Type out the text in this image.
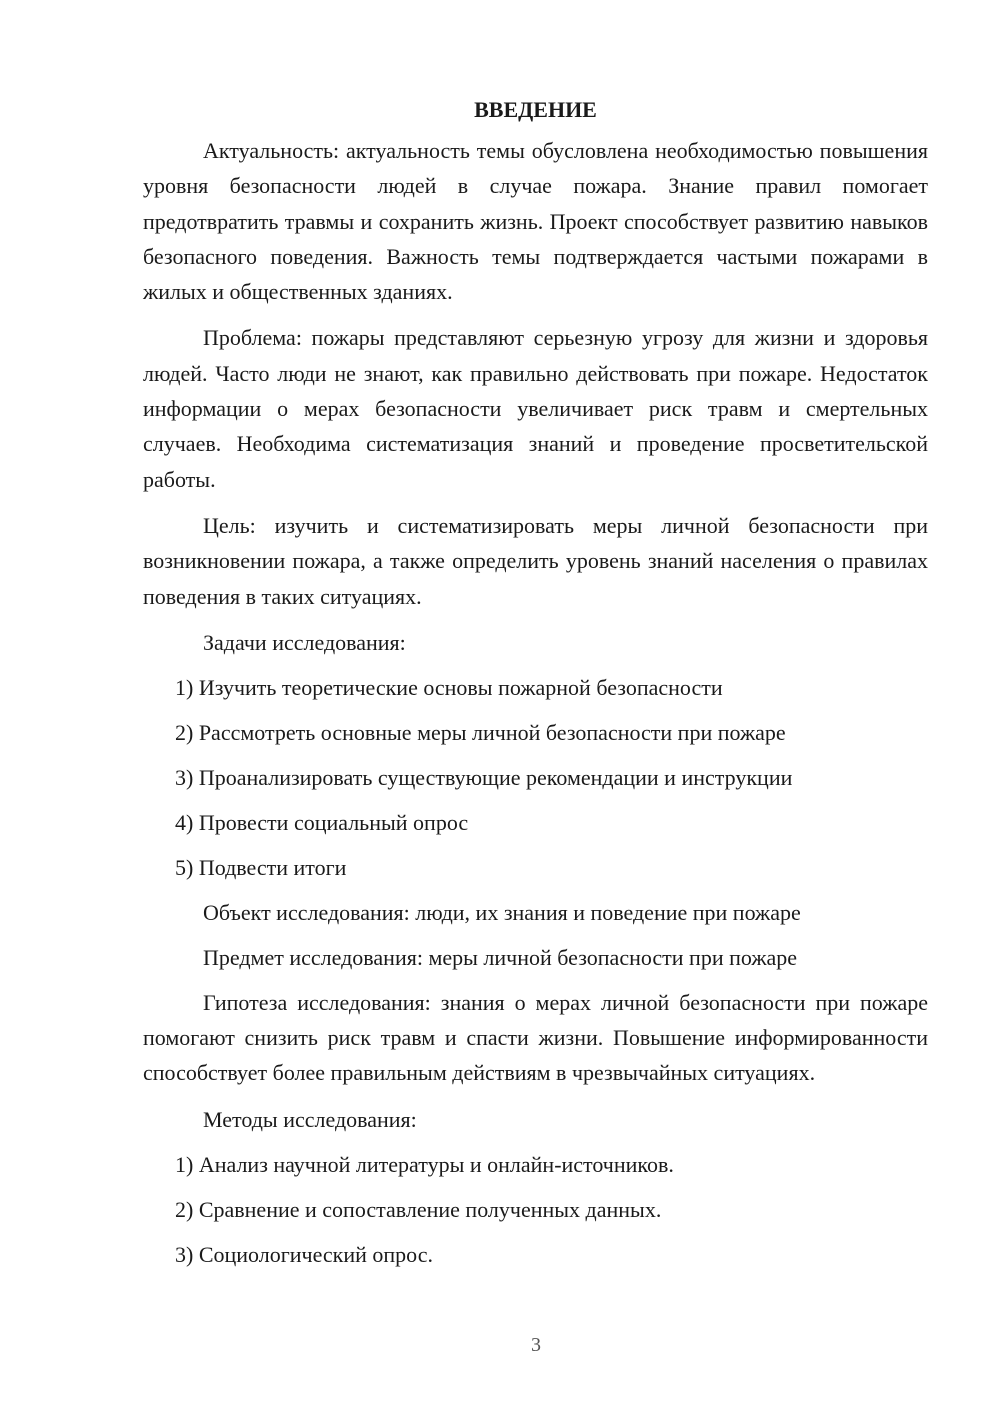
ВВЕДЕНИЕ

Актуальность: актуальность темы обусловлена необходимостью повышения уровня безопасности людей в случае пожара. Знание правил помогает предотвратить травмы и сохранить жизнь. Проект способствует развитию навыков безопасного поведения. Важность темы подтверждается частыми пожарами в жилых и общественных зданиях.

Проблема: пожары представляют серьезную угрозу для жизни и здоровья людей. Часто люди не знают, как правильно действовать при пожаре. Недостаток информации о мерах безопасности увеличивает риск травм и смертельных случаев. Необходима систематизация знаний и проведение просветительской работы.

Цель: изучить и систематизировать меры личной безопасности при возникновении пожара, а также определить уровень знаний населения о правилах поведения в таких ситуациях.

Задачи исследования:
1) Изучить теоретические основы пожарной безопасности
2) Рассмотреть основные меры личной безопасности при пожаре
3) Проанализировать существующие рекомендации и инструкции
4) Провести социальный опрос
5) Подвести итоги
Объект исследования: люди, их знания и поведение при пожаре
Предмет исследования: меры личной безопасности при пожаре

Гипотеза исследования: знания о мерах личной безопасности при пожаре помогают снизить риск травм и спасти жизни. Повышение информированности способствует более правильным действиям в чрезвычайных ситуациях.

Методы исследования:
1) Анализ научной литературы и онлайн-источников.
2) Сравнение и сопоставление полученных данных.
3) Социологический опрос.
3
